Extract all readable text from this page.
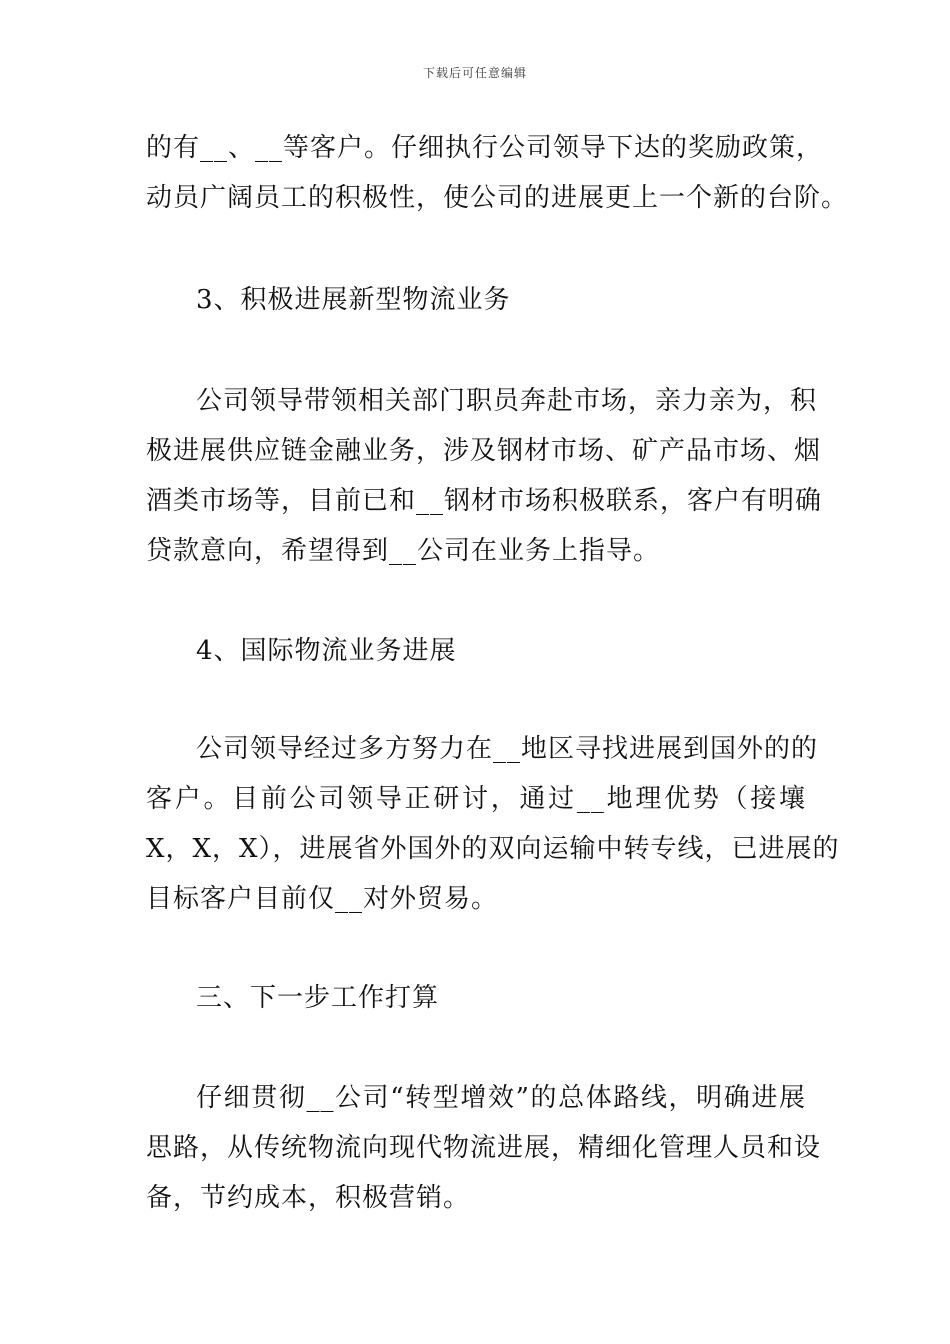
下载后可任意编辑
的有__、__等客户。仔细执行公司领导下达的奖励政策，
动员广阔员工的积极性，使公司的进展更上一个新的台阶。
3、积极进展新型物流业务
公司领导带领相关部门职员奔赴市场，亲力亲为，积
极进展供应链金融业务，涉及钢材市场、矿产品市场、烟
酒类市场等，目前已和__钢材市场积极联系，客户有明确
贷款意向，希望得到__公司在业务上指导。
4、国际物流业务进展
公司领导经过多方努力在__地区寻找进展到国外的的
客户。目前公司领导正研讨，通过__地理优势（接壤
X，X，X），进展省外国外的双向运输中转专线，已进展的
目标客户目前仅__对外贸易。
三、下一步工作打算
仔细贯彻__公司“转型增效”的总体路线，明确进展
思路，从传统物流向现代物流进展，精细化管理人员和设
备，节约成本，积极营销。
